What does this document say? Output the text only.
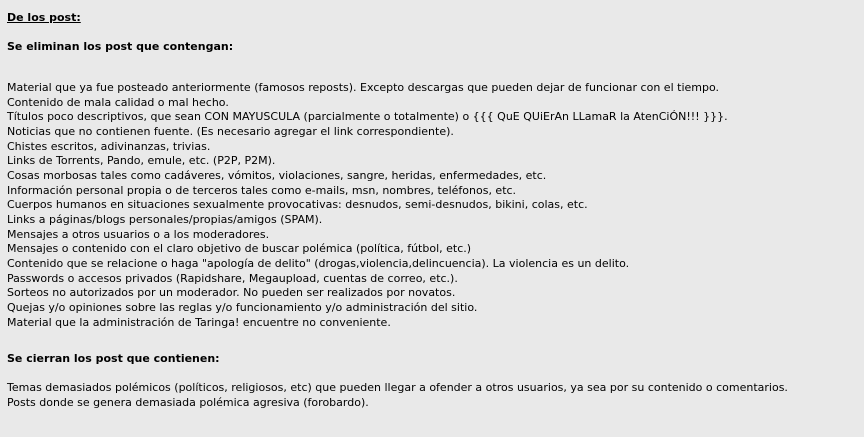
De los post:
Se eliminan los post que contengan:
Material que ya fue posteado anteriormente (famosos reposts). Excepto descargas que pueden dejar de funcionar con el tiempo.
Contenido de mala calidad o mal hecho.
Títulos poco descriptivos, que sean CON MAYUSCULA (parcialmente o totalmente) o {{{ QuE QUiErAn LLamaR la AtenCiÓN!!! }}}.
Noticias que no contienen fuente. (Es necesario agregar el link correspondiente).
Chistes escritos, adivinanzas, trivias.
Links de Torrents, Pando, emule, etc. (P2P, P2M).
Cosas morbosas tales como cadáveres, vómitos, violaciones, sangre, heridas, enfermedades, etc.
Información personal propia o de terceros tales como e-mails, msn, nombres, teléfonos, etc.
Cuerpos humanos en situaciones sexualmente provocativas: desnudos, semi-desnudos, bikini, colas, etc.
Links a páginas/blogs personales/propias/amigos (SPAM).
Mensajes a otros usuarios o a los moderadores.
Mensajes o contenido con el claro objetivo de buscar polémica (política, fútbol, etc.)
Contenido que se relacione o haga "apología de delito" (drogas,violencia,delincuencia). La violencia es un delito.
Passwords o accesos privados (Rapidshare, Megaupload, cuentas de correo, etc.).
Sorteos no autorizados por un moderador. No pueden ser realizados por novatos.
Quejas y/o opiniones sobre las reglas y/o funcionamiento y/o administración del sitio.
Material que la administración de Taringa! encuentre no conveniente.
Se cierran los post que contienen:
Temas demasiados polémicos (políticos, religiosos, etc) que pueden llegar a ofender a otros usuarios, ya sea por su contenido o comentarios.
Posts donde se genera demasiada polémica agresiva (forobardo).
